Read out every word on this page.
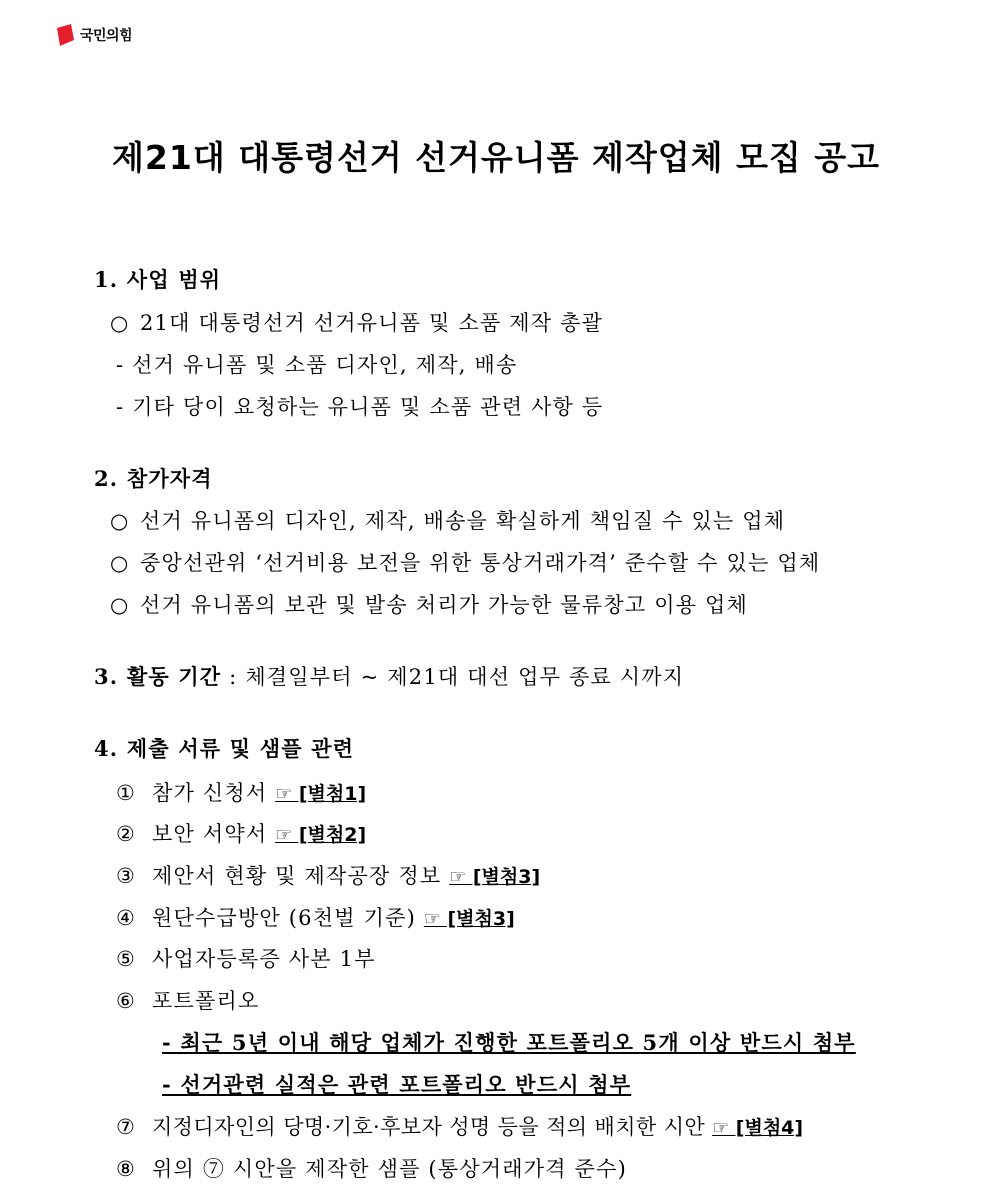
국민의힘
제21대 대통령선거 선거유니폼 제작업체 모집 공고
1. 사업 범위
○ 21대 대통령선거 선거유니폼 및 소품 제작 총괄
- 선거 유니폼 및 소품 디자인, 제작, 배송
- 기타 당이 요청하는 유니폼 및 소품 관련 사항 등
2. 참가자격
○ 선거 유니폼의 디자인, 제작, 배송을 확실하게 책임질 수 있는 업체
○ 중앙선관위 ‘선거비용 보전을 위한 통상거래가격’ 준수할 수 있는 업체
○ 선거 유니폼의 보관 및 발송 처리가 가능한 물류창고 이용 업체
3. 활동 기간 : 체결일부터 ~ 제21대 대선 업무 종료 시까지
4. 제출 서류 및 샘플 관련
① 참가 신청서 ☞ [별첨1]
② 보안 서약서 ☞ [별첨2]
③ 제안서 현황 및 제작공장 정보 ☞ [별첨3]
④ 원단수급방안 (6천벌 기준) ☞ [별첨3]
⑤ 사업자등록증 사본 1부
⑥ 포트폴리오
- 최근 5년 이내 해당 업체가 진행한 포트폴리오 5개 이상 반드시 첨부
- 선거관련 실적은 관련 포트폴리오 반드시 첨부
⑦ 지정디자인의 당명·기호·후보자 성명 등을 적의 배치한 시안 ☞ [별첨4]
⑧ 위의 ⑦ 시안을 제작한 샘플 (통상거래가격 준수)
